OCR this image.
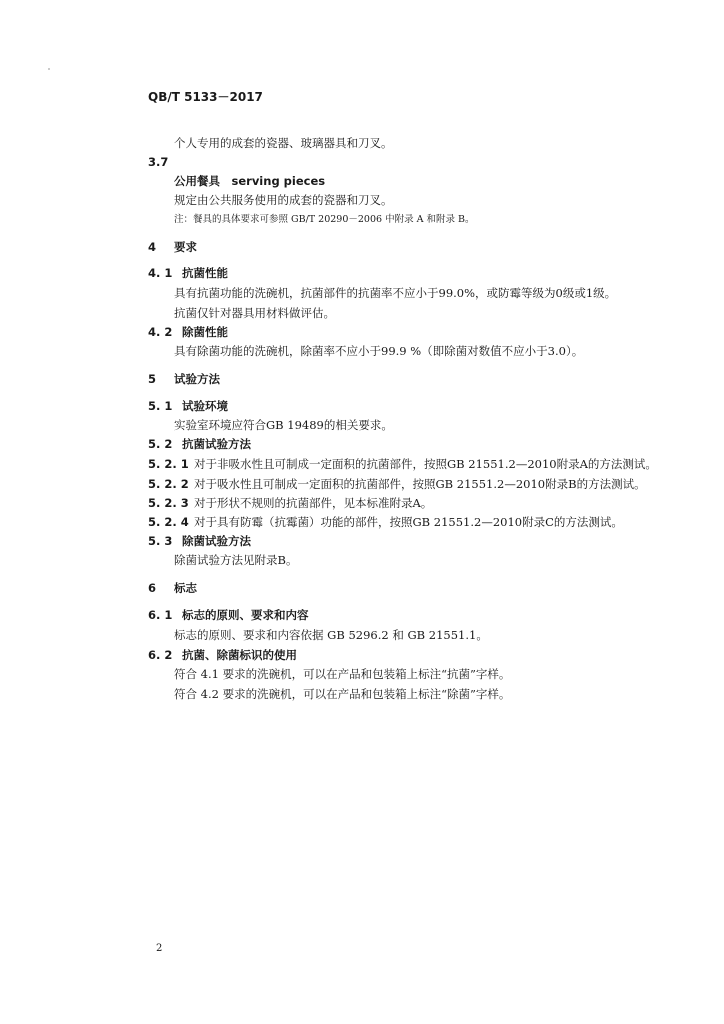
QB/T 5133－2017
个人专用的成套的瓷器、玻璃器具和刀叉。
3.7
公用餐具　serving pieces
规定由公共服务使用的成套的瓷器和刀叉。
注：餐具的具体要求可参照 GB/T 20290－2006 中附录 A 和附录 B。
4 要求
4. 1 抗菌性能
具有抗菌功能的洗碗机，抗菌部件的抗菌率不应小于99.0%，或防霉等级为0级或1级。
抗菌仅针对器具用材料做评估。
4. 2 除菌性能
具有除菌功能的洗碗机，除菌率不应小于99.9 %（即除菌对数值不应小于3.0）。
5 试验方法
5. 1 试验环境
实验室环境应符合GB 19489的相关要求。
5. 2 抗菌试验方法
5. 2. 1 对于非吸水性且可制成一定面积的抗菌部件，按照GB 21551.2—2010附录A的方法测试。
5. 2. 2 对于吸水性且可制成一定面积的抗菌部件，按照GB 21551.2—2010附录B的方法测试。
5. 2. 3 对于形状不规则的抗菌部件，见本标准附录A。
5. 2. 4 对于具有防霉（抗霉菌）功能的部件，按照GB 21551.2—2010附录C的方法测试。
5. 3 除菌试验方法
除菌试验方法见附录B。
6 标志
6. 1 标志的原则、要求和内容
标志的原则、要求和内容依据 GB 5296.2 和 GB 21551.1。
6. 2 抗菌、除菌标识的使用
符合 4.1 要求的洗碗机，可以在产品和包装箱上标注“抗菌”字样。
符合 4.2 要求的洗碗机，可以在产品和包装箱上标注“除菌”字样。
2
